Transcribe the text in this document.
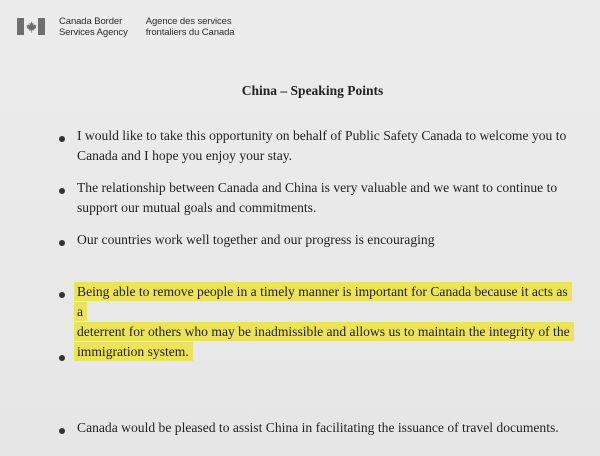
Canada Border
Services Agency
Agence des services
frontaliers du Canada
China – Speaking Points
I would like to take this opportunity on behalf of Public Safety Canada to welcome you to
Canada and I hope you enjoy your stay.
The relationship between Canada and China is very valuable and we want to continue to
support our mutual goals and commitments.
Our countries work well together and our progress is encouraging
Being able to remove people in a timely manner is important for Canada because it acts as a
deterrent for others who may be inadmissible and allows us to maintain the integrity of the
immigration system.
Canada would be pleased to assist China in facilitating the issuance of travel documents.
